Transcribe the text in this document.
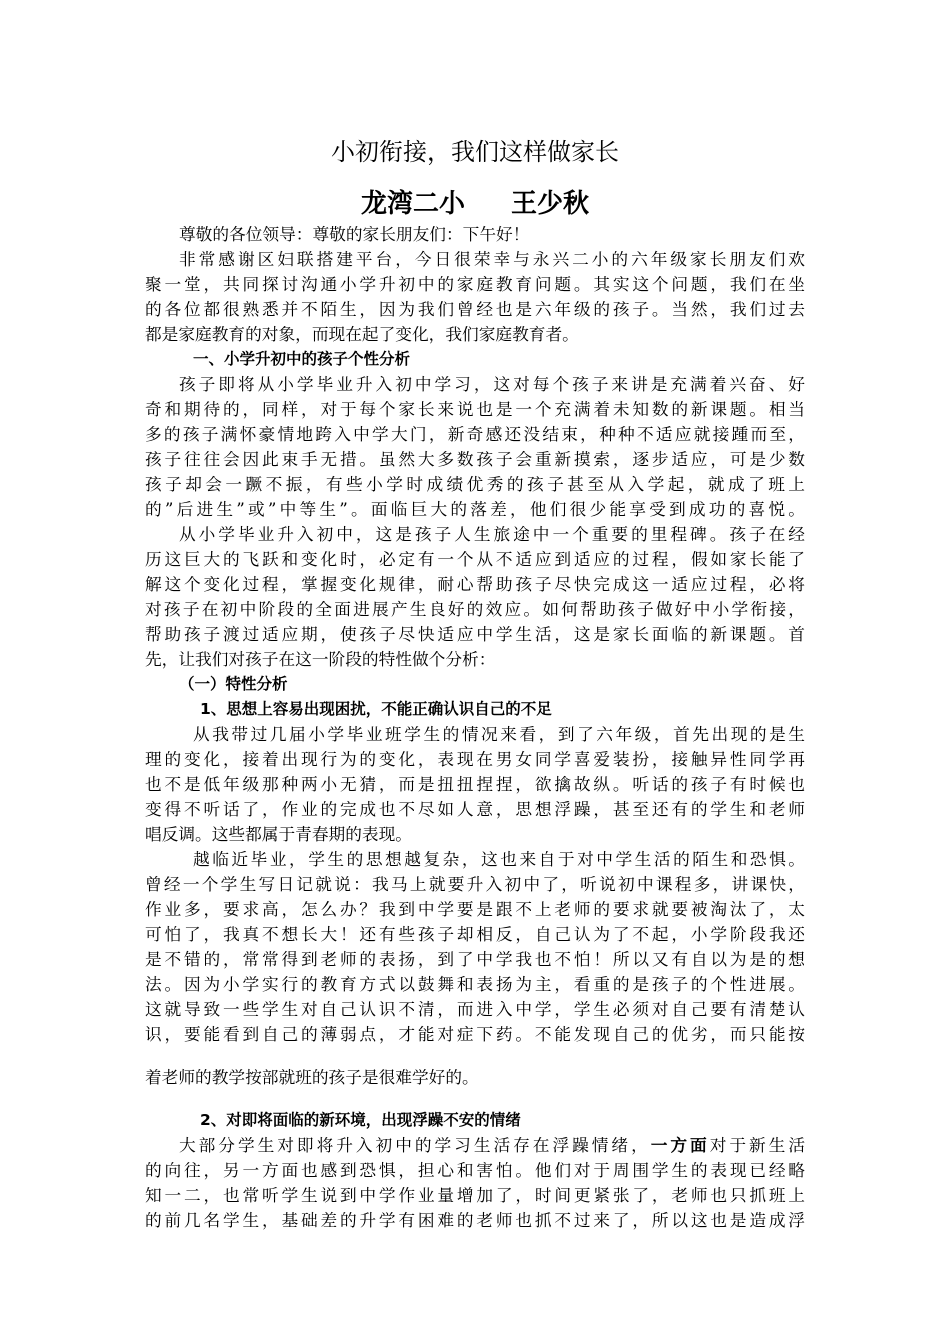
小初衔接，我们这样做家长
龙湾二小 王少秋
尊敬的各位领导：尊敬的家长朋友们：下午好！
非常感谢区妇联搭建平台，今日很荣幸与永兴二小的六年级家长朋友们欢
聚一堂，共同探讨沟通小学升初中的家庭教育问题。其实这个问题，我们在坐
的各位都很熟悉并不陌生，因为我们曾经也是六年级的孩子。当然，我们过去
都是家庭教育的对象，而现在起了变化，我们家庭教育者。
一、小学升初中的孩子个性分析
孩子即将从小学毕业升入初中学习，这对每个孩子来讲是充满着兴奋、好
奇和期待的，同样，对于每个家长来说也是一个充满着未知数的新课题。相当
多的孩子满怀豪情地跨入中学大门，新奇感还没结束，种种不适应就接踵而至，
孩子往往会因此束手无措。虽然大多数孩子会重新摸索，逐步适应，可是少数
孩子却会一蹶不振，有些小学时成绩优秀的孩子甚至从入学起，就成了班上
的”后进生”或”中等生”。面临巨大的落差，他们很少能享受到成功的喜悦。
从小学毕业升入初中，这是孩子人生旅途中一个重要的里程碑。孩子在经
历这巨大的飞跃和变化时，必定有一个从不适应到适应的过程，假如家长能了
解这个变化过程，掌握变化规律，耐心帮助孩子尽快完成这一适应过程，必将
对孩子在初中阶段的全面进展产生良好的效应。如何帮助孩子做好中小学衔接，
帮助孩子渡过适应期，使孩子尽快适应中学生活，这是家长面临的新课题。首
先，让我们对孩子在这一阶段的特性做个分析：
（一）特性分析
1、思想上容易出现困扰，不能正确认识自己的不足
从我带过几届小学毕业班学生的情况来看，到了六年级，首先出现的是生
理的变化，接着出现行为的变化，表现在男女同学喜爱装扮，接触异性同学再
也不是低年级那种两小无猜，而是扭扭捏捏，欲擒故纵。听话的孩子有时候也
变得不听话了，作业的完成也不尽如人意，思想浮躁，甚至还有的学生和老师
唱反调。这些都属于青春期的表现。
越临近毕业，学生的思想越复杂，这也来自于对中学生活的陌生和恐惧。
曾经一个学生写日记就说：我马上就要升入初中了，听说初中课程多，讲课快，
作业多，要求高，怎么办？我到中学要是跟不上老师的要求就要被淘汰了，太
可怕了，我真不想长大！还有些孩子却相反，自己认为了不起，小学阶段我还
是不错的，常常得到老师的表扬，到了中学我也不怕！所以又有自以为是的想
法。因为小学实行的教育方式以鼓舞和表扬为主，看重的是孩子的个性进展。
这就导致一些学生对自己认识不清，而进入中学，学生必须对自己要有清楚认
识，要能看到自己的薄弱点，才能对症下药。不能发现自己的优劣，而只能按
着老师的教学按部就班的孩子是很难学好的。
2、对即将面临的新环境，出现浮躁不安的情绪
大部分学生对即将升入初中的学习生活存在浮躁情绪，一方面对于新生活
的向往，另一方面也感到恐惧，担心和害怕。他们对于周围学生的表现已经略
知一二，也常听学生说到中学作业量增加了，时间更紧张了，老师也只抓班上
的前几名学生，基础差的升学有困难的老师也抓不过来了，所以这也是造成浮
